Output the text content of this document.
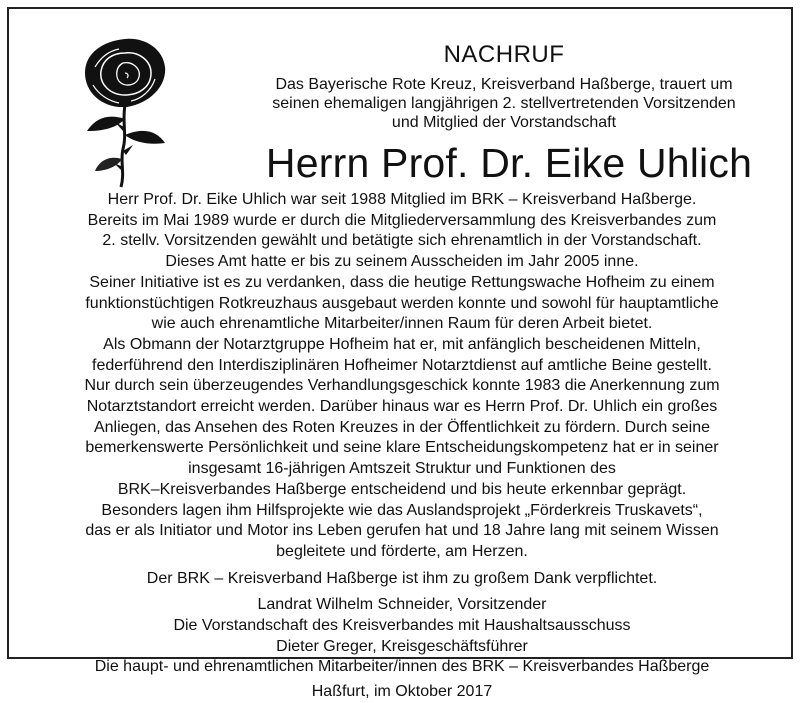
NACHRUF

Das Bayerische Rote Kreuz, Kreisverband Haßberge, trauert um

seinen ehemaligen langjährigen 2. stellvertretenden Vorsitzenden

und Mitglied der Vorstandschaft

Herrn Prof. Dr. Eike Uhlich

Herr Prof. Dr. Eike Uhlich war seit 1988 Mitglied im BRK – Kreisverband Haßberge.

Bereits im Mai 1989 wurde er durch die Mitgliederversammlung des Kreisverbandes zum

2. stellv. Vorsitzenden gewählt und betätigte sich ehrenamtlich in der Vorstandschaft.

Dieses Amt hatte er bis zu seinem Ausscheiden im Jahr 2005 inne.

Seiner Initiative ist es zu verdanken, dass die heutige Rettungswache Hofheim zu einem

funktionstüchtigen Rotkreuzhaus ausgebaut werden konnte und sowohl für hauptamtliche

wie auch ehrenamtliche Mitarbeiter/innen Raum für deren Arbeit bietet.

Als Obmann der Notarztgruppe Hofheim hat er, mit anfänglich bescheidenen Mitteln,

federführend den Interdisziplinären Hofheimer Notarztdienst auf amtliche Beine gestellt.

Nur durch sein überzeugendes Verhandlungsgeschick konnte 1983 die Anerkennung zum

Notarztstandort erreicht werden. Darüber hinaus war es Herrn Prof. Dr. Uhlich ein großes

Anliegen, das Ansehen des Roten Kreuzes in der Öffentlichkeit zu fördern. Durch seine

bemerkenswerte Persönlichkeit und seine klare Entscheidungskompetenz hat er in seiner

insgesamt 16-jährigen Amtszeit Struktur und Funktionen des

BRK–Kreisverbandes Haßberge entscheidend und bis heute erkennbar geprägt.

Besonders lagen ihm Hilfsprojekte wie das Auslandsprojekt „Förderkreis Truskavets“,

das er als Initiator und Motor ins Leben gerufen hat und 18 Jahre lang mit seinem Wissen

begleitete und förderte, am Herzen.

Der BRK – Kreisverband Haßberge ist ihm zu großem Dank verpflichtet.

Landrat Wilhelm Schneider, Vorsitzender

Die Vorstandschaft des Kreisverbandes mit Haushaltsausschuss

Dieter Greger, Kreisgeschäftsführer

Die haupt- und ehrenamtlichen Mitarbeiter/innen des BRK – Kreisverbandes Haßberge

Haßfurt, im Oktober 2017
